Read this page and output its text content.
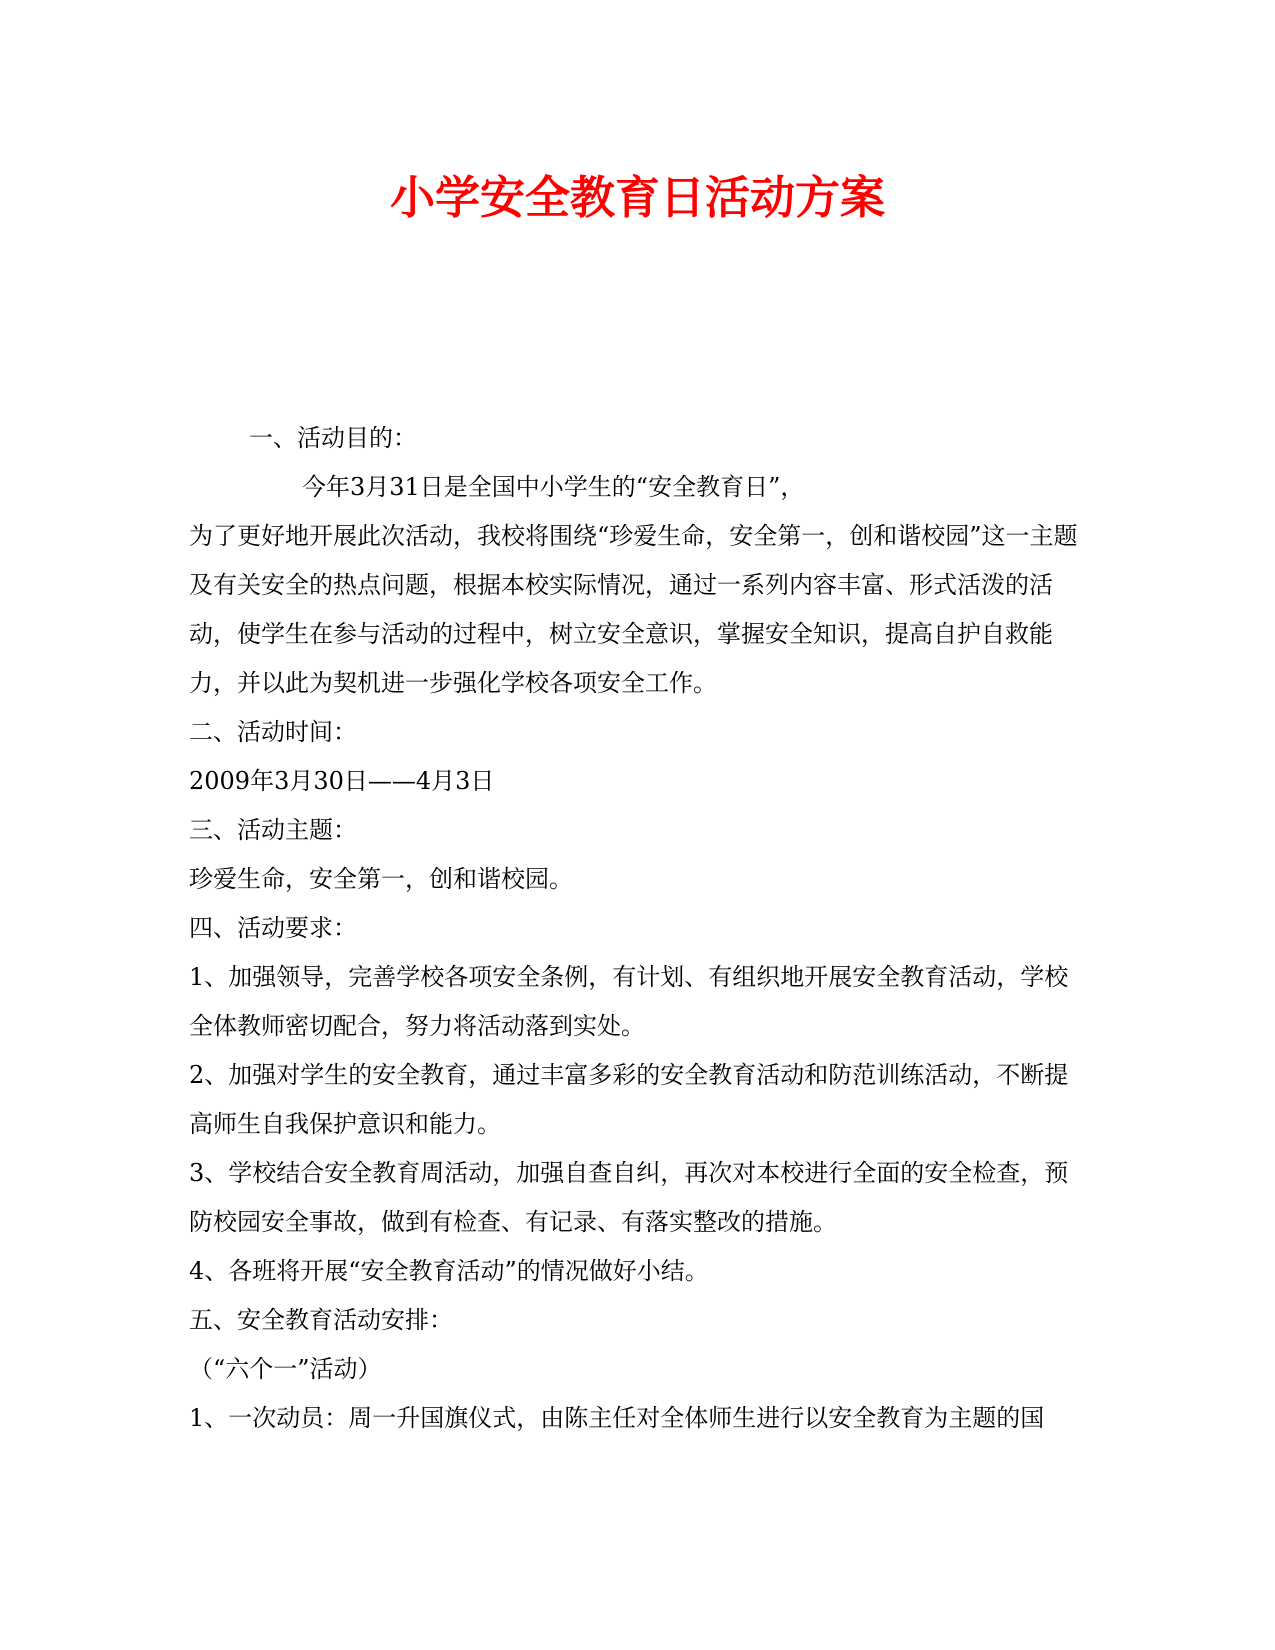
小学安全教育日活动方案

一、活动目的：

今年3月31日是全国中小学生的“安全教育日”，

为了更好地开展此次活动，我校将围绕“珍爱生命，安全第一，创和谐校园”这一主题及有关安全的热点问题，根据本校实际情况，通过一系列内容丰富、形式活泼的活动，使学生在参与活动的过程中，树立安全意识，掌握安全知识，提高自护自救能力，并以此为契机进一步强化学校各项安全工作。

二、活动时间：

2009年3月30日——4月3日

三、活动主题：

珍爱生命，安全第一，创和谐校园。

四、活动要求：

1、加强领导，完善学校各项安全条例，有计划、有组织地开展安全教育活动，学校全体教师密切配合，努力将活动落到实处。

2、加强对学生的安全教育，通过丰富多彩的安全教育活动和防范训练活动，不断提高师生自我保护意识和能力。

3、学校结合安全教育周活动，加强自查自纠，再次对本校进行全面的安全检查，预防校园安全事故，做到有检查、有记录、有落实整改的措施。

4、各班将开展“安全教育活动”的情况做好小结。

五、安全教育活动安排：

（“六个一”活动）

1、一次动员：周一升国旗仪式，由陈主任对全体师生进行以安全教育为主题的国
